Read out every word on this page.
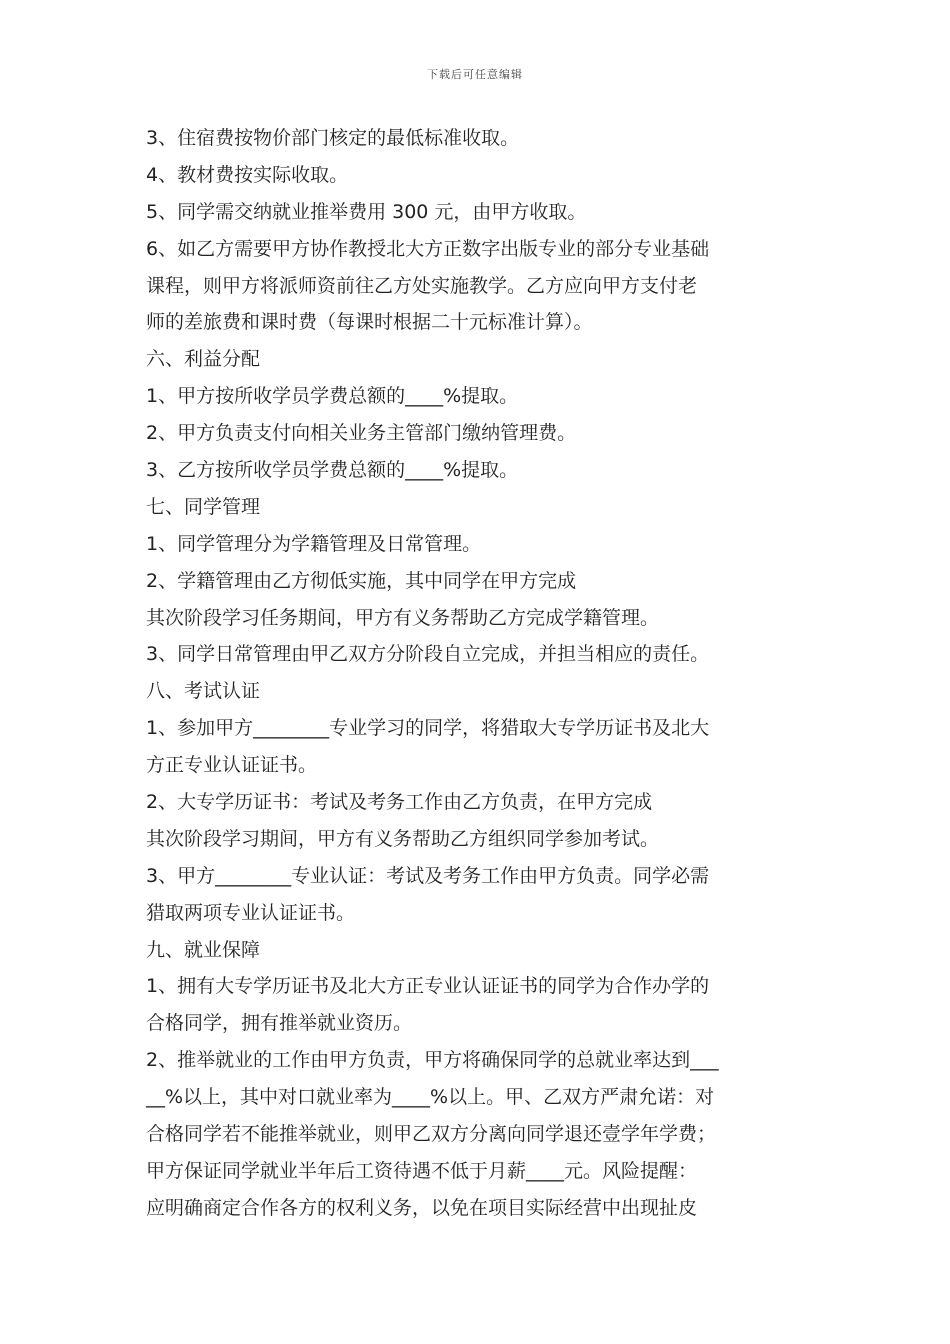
下载后可任意编辑
3、住宿费按物价部门核定的最低标准收取。
4、教材费按实际收取。
5、同学需交纳就业推举费用 300 元，由甲方收取。
6、如乙方需要甲方协作教授北大方正数字出版专业的部分专业基础
课程，则甲方将派师资前往乙方处实施教学。乙方应向甲方支付老
师的差旅费和课时费（每课时根据二十元标准计算）。
六、利益分配
1、甲方按所收学员学费总额的____%提取。
2、甲方负责支付向相关业务主管部门缴纳管理费。
3、乙方按所收学员学费总额的____%提取。
七、同学管理
1、同学管理分为学籍管理及日常管理。
2、学籍管理由乙方彻低实施，其中同学在甲方完成
其次阶段学习任务期间，甲方有义务帮助乙方完成学籍管理。
3、同学日常管理由甲乙双方分阶段自立完成，并担当相应的责任。
八、考试认证
1、参加甲方________专业学习的同学，将猎取大专学历证书及北大
方正专业认证证书。
2、大专学历证书：考试及考务工作由乙方负责，在甲方完成
其次阶段学习期间，甲方有义务帮助乙方组织同学参加考试。
3、甲方________专业认证：考试及考务工作由甲方负责。同学必需
猎取两项专业认证证书。
九、就业保障
1、拥有大专学历证书及北大方正专业认证证书的同学为合作办学的
合格同学，拥有推举就业资历。
2、推举就业的工作由甲方负责，甲方将确保同学的总就业率达到___
__%以上，其中对口就业率为____%以上。甲、乙双方严肃允诺：对
合格同学若不能推举就业，则甲乙双方分离向同学退还壹学年学费；
甲方保证同学就业半年后工资待遇不低于月薪____元。风险提醒：
应明确商定合作各方的权利义务，以免在项目实际经营中出现扯皮
